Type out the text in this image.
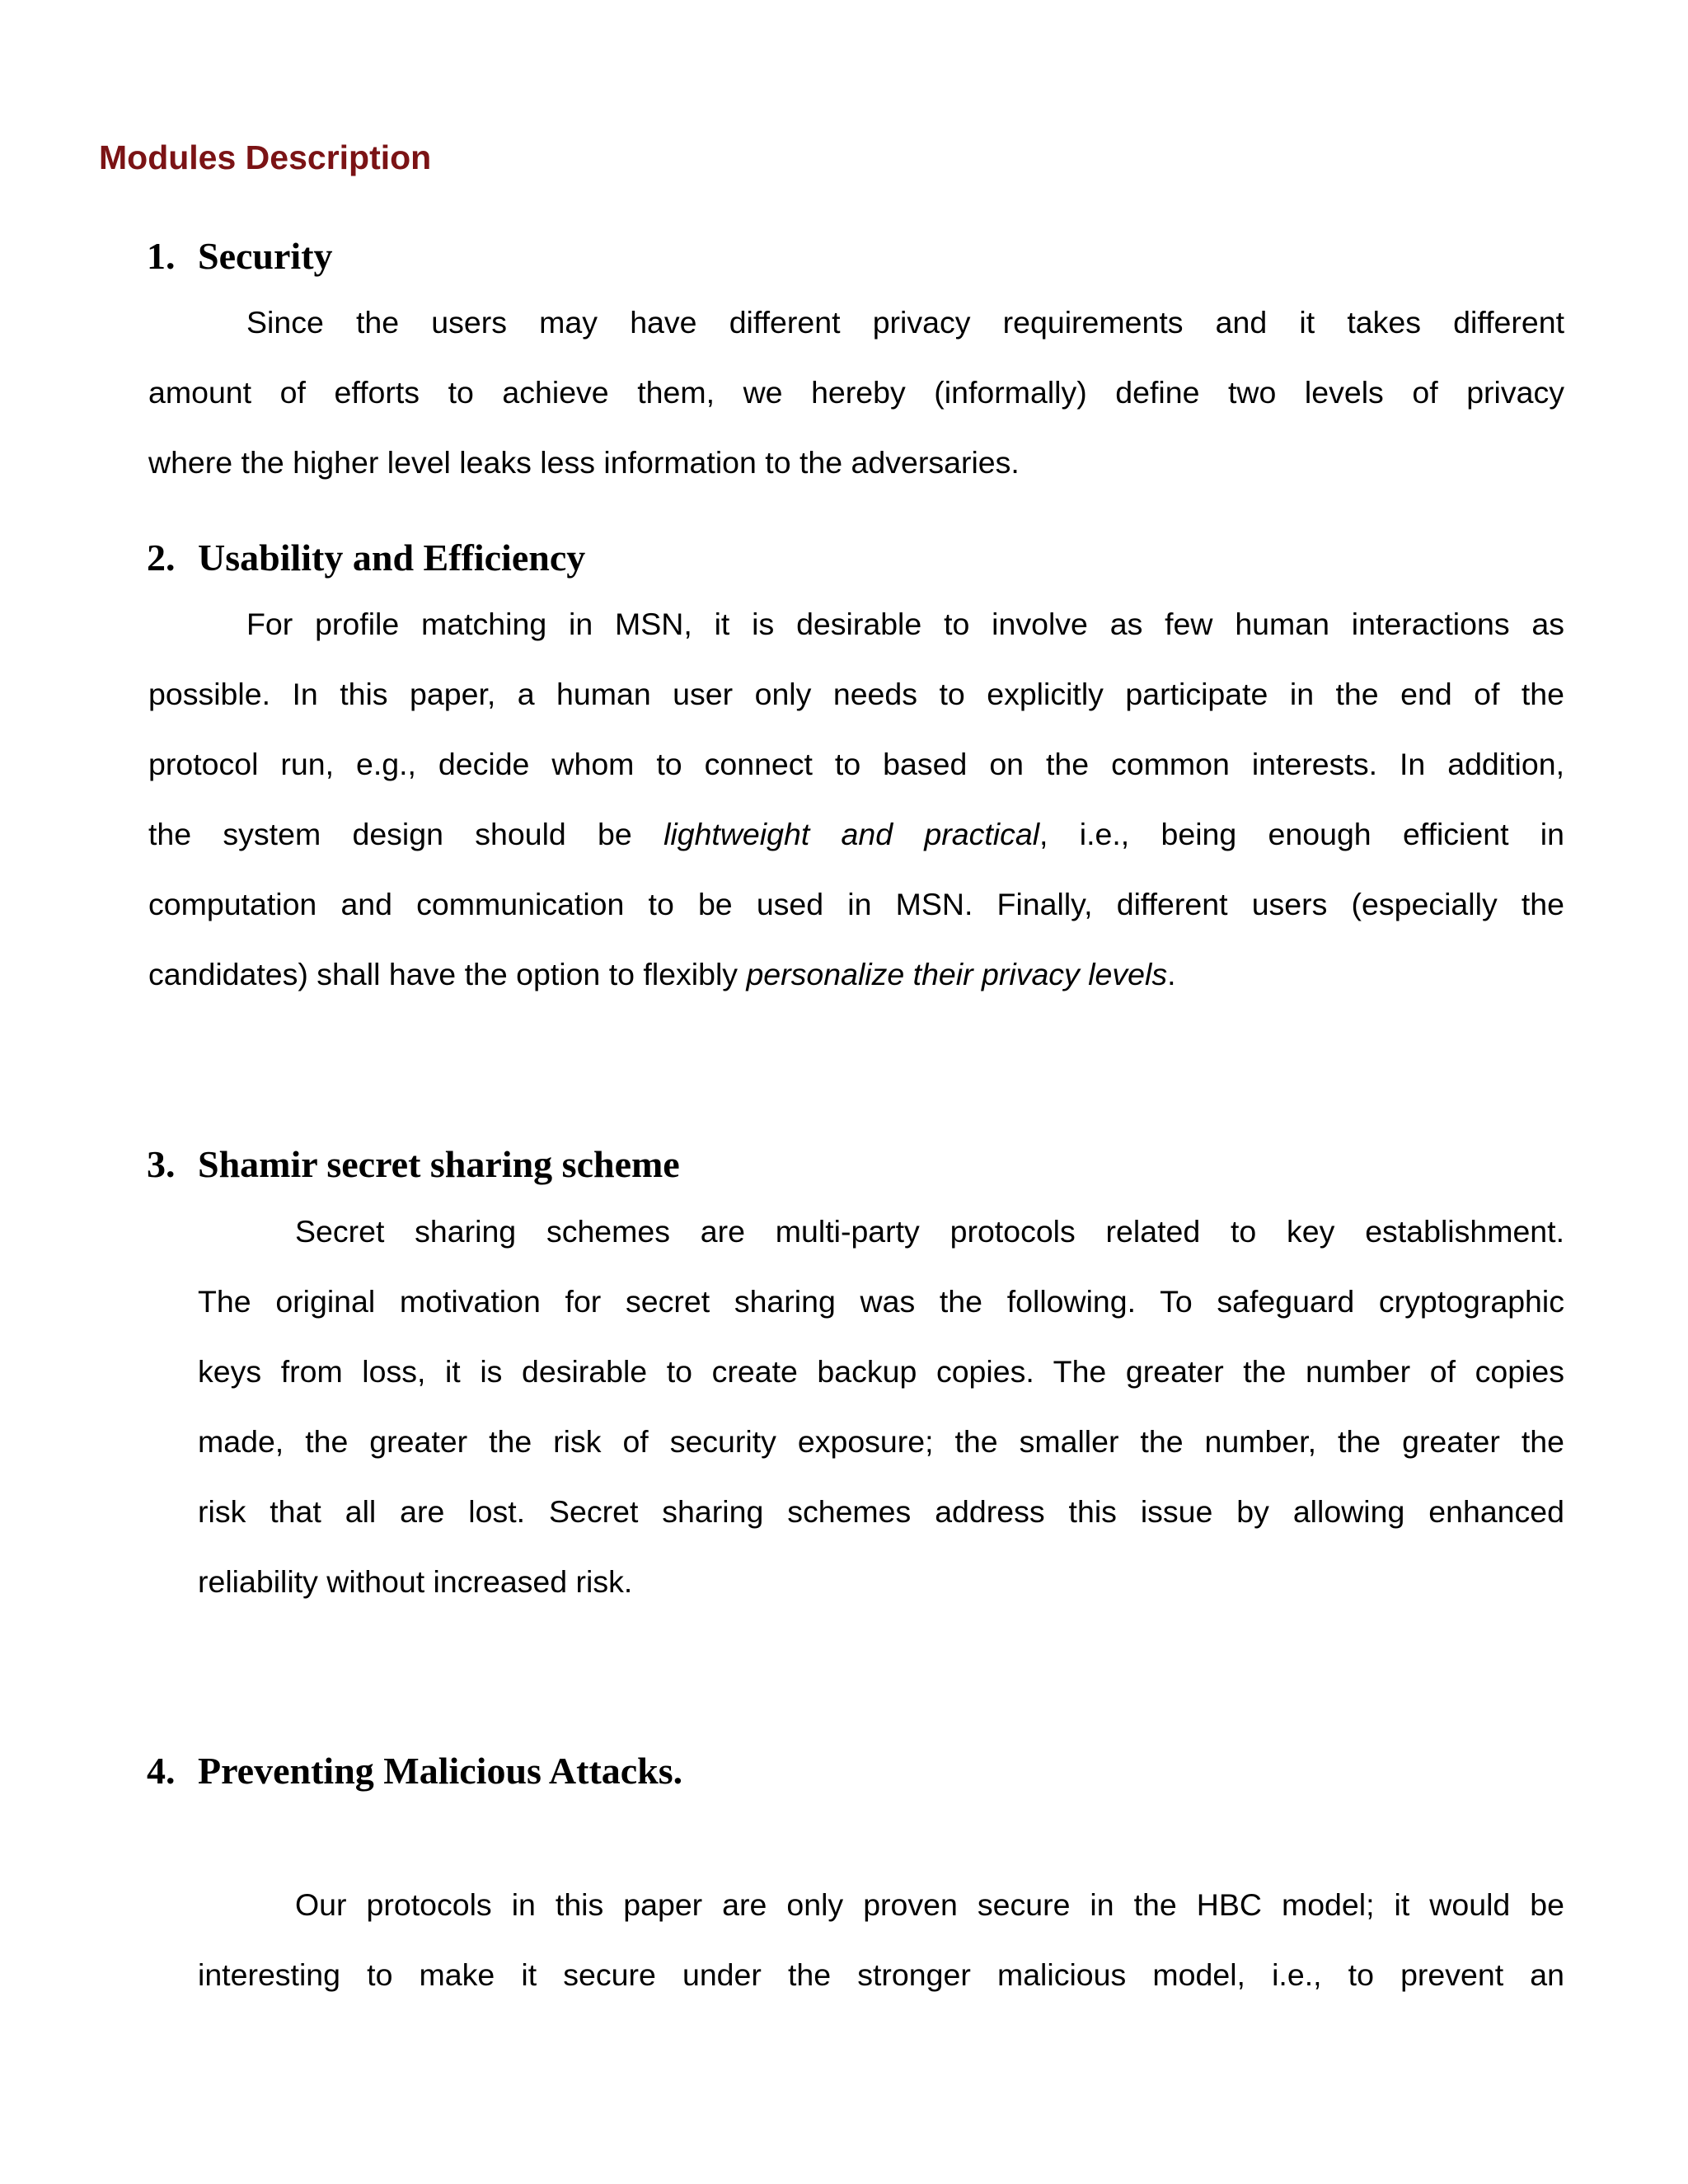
Modules Description
1. Security
Since the users may have different privacy requirements and it takes different
amount of efforts to achieve them, we hereby (informally) define two levels of privacy
where the higher level leaks less information to the adversaries.
2. Usability and Efficiency
For profile matching in MSN, it is desirable to involve as few human interactions as
possible. In this paper, a human user only needs to explicitly participate in the end of the
protocol run, e.g., decide whom to connect to based on the common interests. In addition,
the system design should be lightweight and practical, i.e., being enough efficient in
computation and communication to be used in MSN. Finally, different users (especially the
candidates) shall have the option to flexibly personalize their privacy levels.
3. Shamir secret sharing scheme
Secret sharing schemes are multi-party protocols related to key establishment.
The original motivation for secret sharing was the following. To safeguard cryptographic
keys from loss, it is desirable to create backup copies. The greater the number of copies
made, the greater the risk of security exposure; the smaller the number, the greater the
risk that all are lost. Secret sharing schemes address this issue by allowing enhanced
reliability without increased risk.
4. Preventing Malicious Attacks.
Our protocols in this paper are only proven secure in the HBC model; it would be
interesting to make it secure under the stronger malicious model, i.e., to prevent an
